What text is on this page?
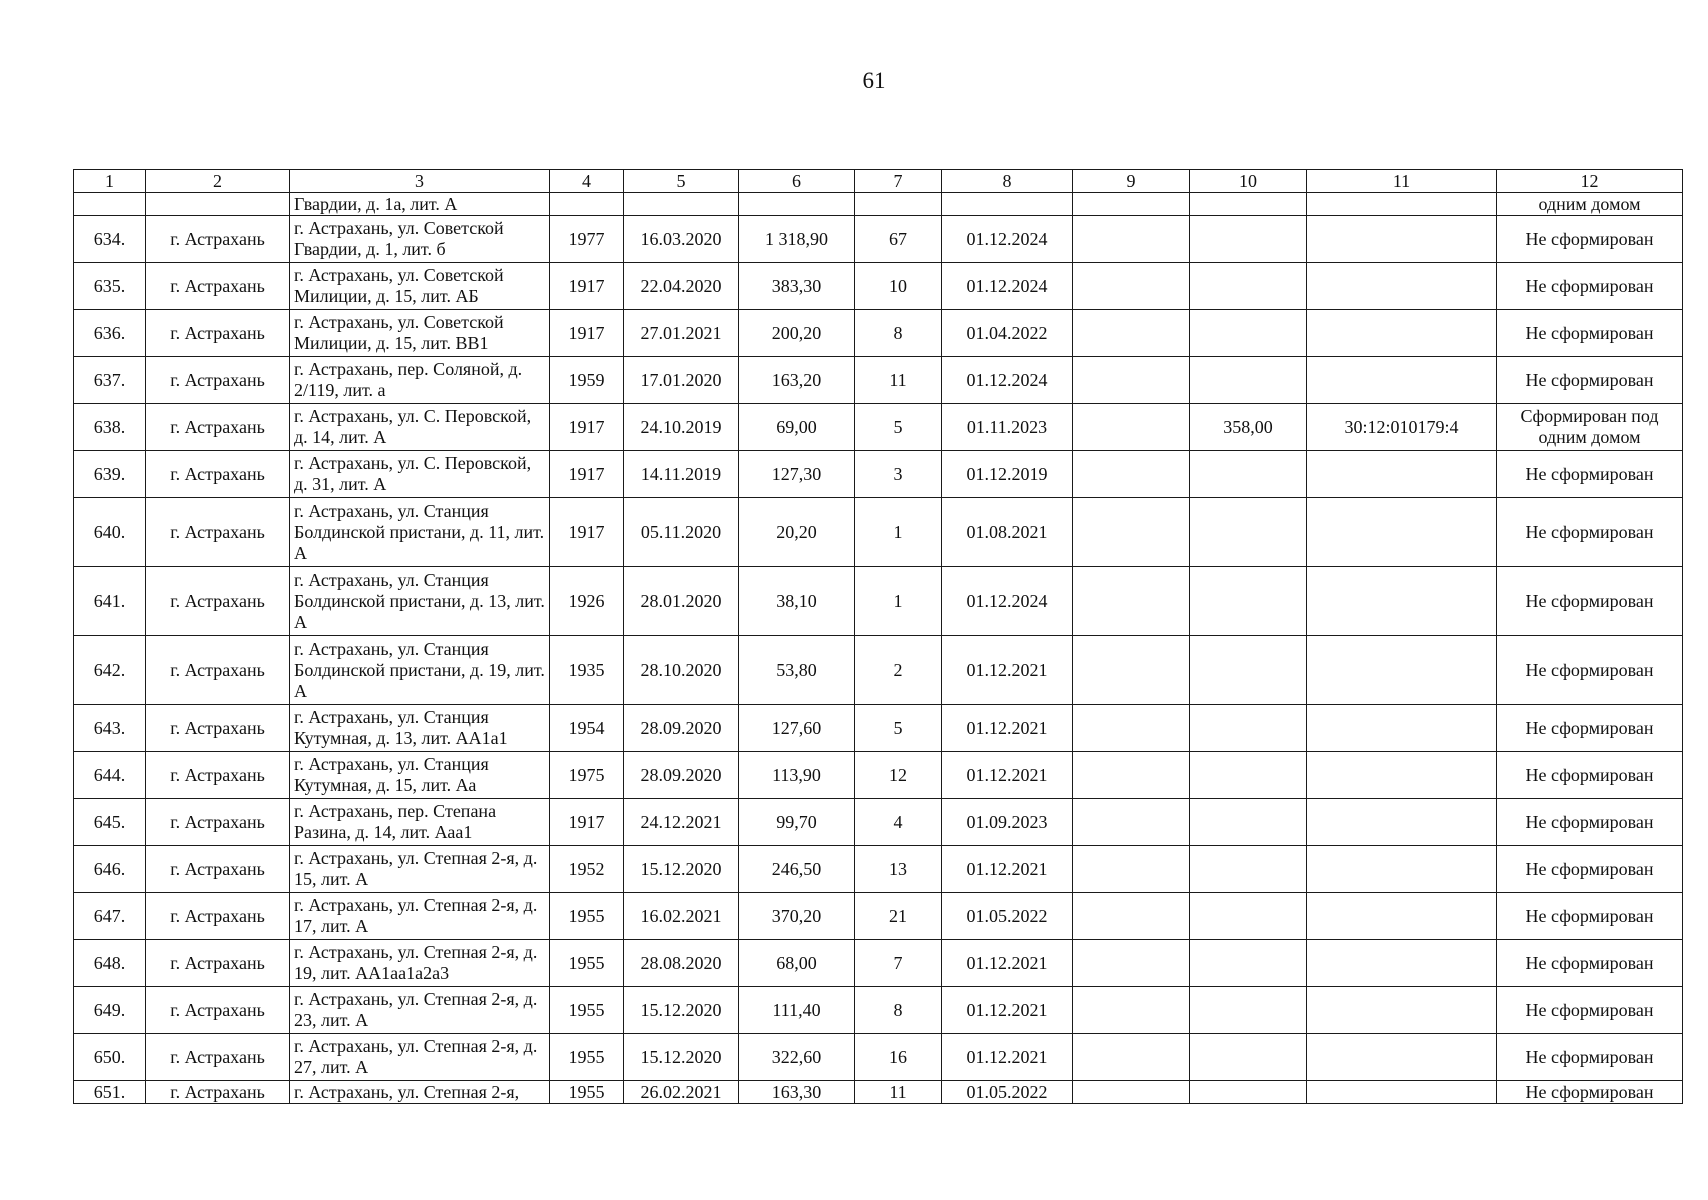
61
1	2	3	4	5	6	7	8	9	10	11	12
		Гвардии, д. 1а, лит. А									одним домом
634.	г. Астрахань	г. Астрахань, ул. Советской Гвардии, д. 1, лит. б	1977	16.03.2020	1 318,90	67	01.12.2024				Не сформирован
635.	г. Астрахань	г. Астрахань, ул. Советской Милиции, д. 15, лит. АБ	1917	22.04.2020	383,30	10	01.12.2024				Не сформирован
636.	г. Астрахань	г. Астрахань, ул. Советской Милиции, д. 15, лит. ВВ1	1917	27.01.2021	200,20	8	01.04.2022				Не сформирован
637.	г. Астрахань	г. Астрахань, пер. Соляной, д. 2/119, лит. а	1959	17.01.2020	163,20	11	01.12.2024				Не сформирован
638.	г. Астрахань	г. Астрахань, ул. С. Перовской, д. 14, лит. А	1917	24.10.2019	69,00	5	01.11.2023		358,00	30:12:010179:4	Сформирован под одним домом
639.	г. Астрахань	г. Астрахань, ул. С. Перовской, д. 31, лит. А	1917	14.11.2019	127,30	3	01.12.2019				Не сформирован
640.	г. Астрахань	г. Астрахань, ул. Станция Болдинской пристани, д. 11, лит. А	1917	05.11.2020	20,20	1	01.08.2021				Не сформирован
641.	г. Астрахань	г. Астрахань, ул. Станция Болдинской пристани, д. 13, лит. А	1926	28.01.2020	38,10	1	01.12.2024				Не сформирован
642.	г. Астрахань	г. Астрахань, ул. Станция Болдинской пристани, д. 19, лит. А	1935	28.10.2020	53,80	2	01.12.2021				Не сформирован
643.	г. Астрахань	г. Астрахань, ул. Станция Кутумная, д. 13, лит. АА1а1	1954	28.09.2020	127,60	5	01.12.2021				Не сформирован
644.	г. Астрахань	г. Астрахань, ул. Станция Кутумная, д. 15, лит. Аа	1975	28.09.2020	113,90	12	01.12.2021				Не сформирован
645.	г. Астрахань	г. Астрахань, пер. Степана Разина, д. 14, лит. Ааа1	1917	24.12.2021	99,70	4	01.09.2023				Не сформирован
646.	г. Астрахань	г. Астрахань, ул. Степная 2-я, д. 15, лит. А	1952	15.12.2020	246,50	13	01.12.2021				Не сформирован
647.	г. Астрахань	г. Астрахань, ул. Степная 2-я, д. 17, лит. А	1955	16.02.2021	370,20	21	01.05.2022				Не сформирован
648.	г. Астрахань	г. Астрахань, ул. Степная 2-я, д. 19, лит. АА1аа1а2а3	1955	28.08.2020	68,00	7	01.12.2021				Не сформирован
649.	г. Астрахань	г. Астрахань, ул. Степная 2-я, д. 23, лит. А	1955	15.12.2020	111,40	8	01.12.2021				Не сформирован
650.	г. Астрахань	г. Астрахань, ул. Степная 2-я, д. 27, лит. А	1955	15.12.2020	322,60	16	01.12.2021				Не сформирован
651.	г. Астрахань	г. Астрахань, ул. Степная 2-я,	1955	26.02.2021	163,30	11	01.05.2022				Не сформирован
